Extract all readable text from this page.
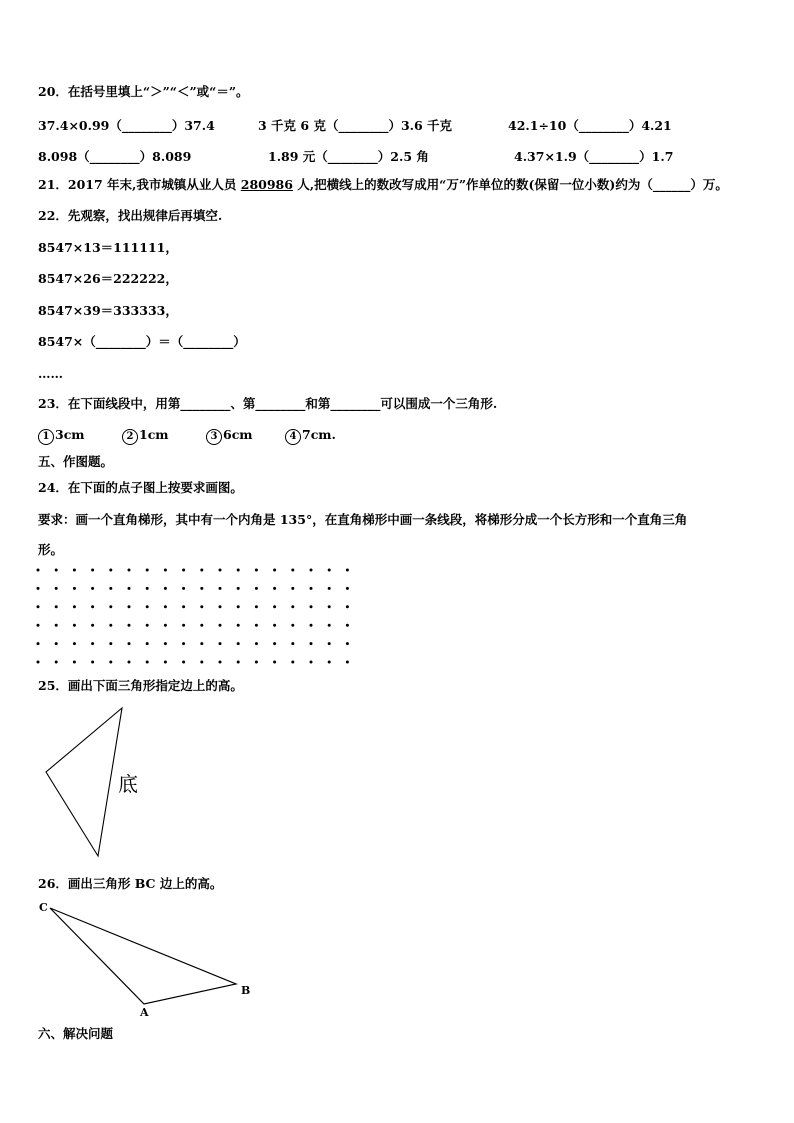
20．在括号里填上“＞”“＜”或“＝”。
37.4×0.99（________）37.4	3 千克 6 克（________）3.6 千克	42.1÷10（________）4.21
8.098（________）8.089	1.89 元（________）2.5 角	4.37×1.9（________）1.7
21．2017 年末,我市城镇从业人员 280986 人,把横线上的数改写成用“万”作单位的数(保留一位小数)约为（______）万。
22．先观察，找出规律后再填空.
8547×13＝111111，
8547×26＝222222，
8547×39＝333333，
8547×（________）＝（________）
……
23．在下面线段中，用第________、第________和第________可以围成一个三角形.
1 3cm	2 1cm	3 6cm	4 7cm.
五、作图题。
24．在下面的点子图上按要求画图。
要求：画一个直角梯形，其中有一个内角是 135°，在直角梯形中画一条线段，将梯形分成一个长方形和一个直角三角
形。
25．画出下面三角形指定边上的高。
底
26．画出三角形 BC 边上的高。
C
A
B
六、解决问题
